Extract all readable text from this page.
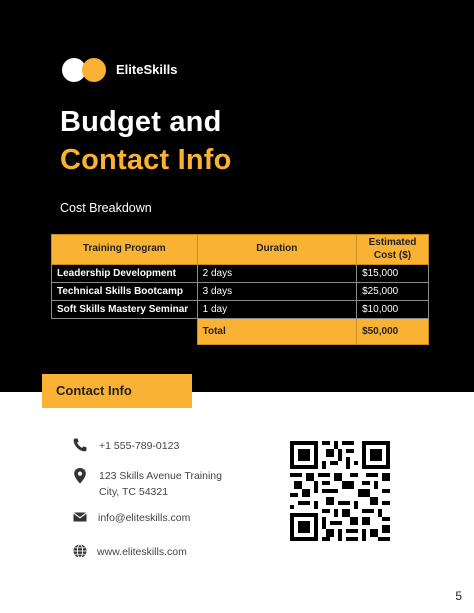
EliteSkills
Budget and
Contact Info
Cost Breakdown
Training Program	Duration	Estimated
Cost ($)
Leadership Development	2 days	$15,000
Technical Skills Bootcamp	3 days	$25,000
Soft Skills Mastery Seminar	1 day	$10,000
	Total	$50,000
Contact Info
+1 555-789-0123
123 Skills Avenue Training
City, TC 54321
info@eliteskills.com
www.eliteskills.com
5
